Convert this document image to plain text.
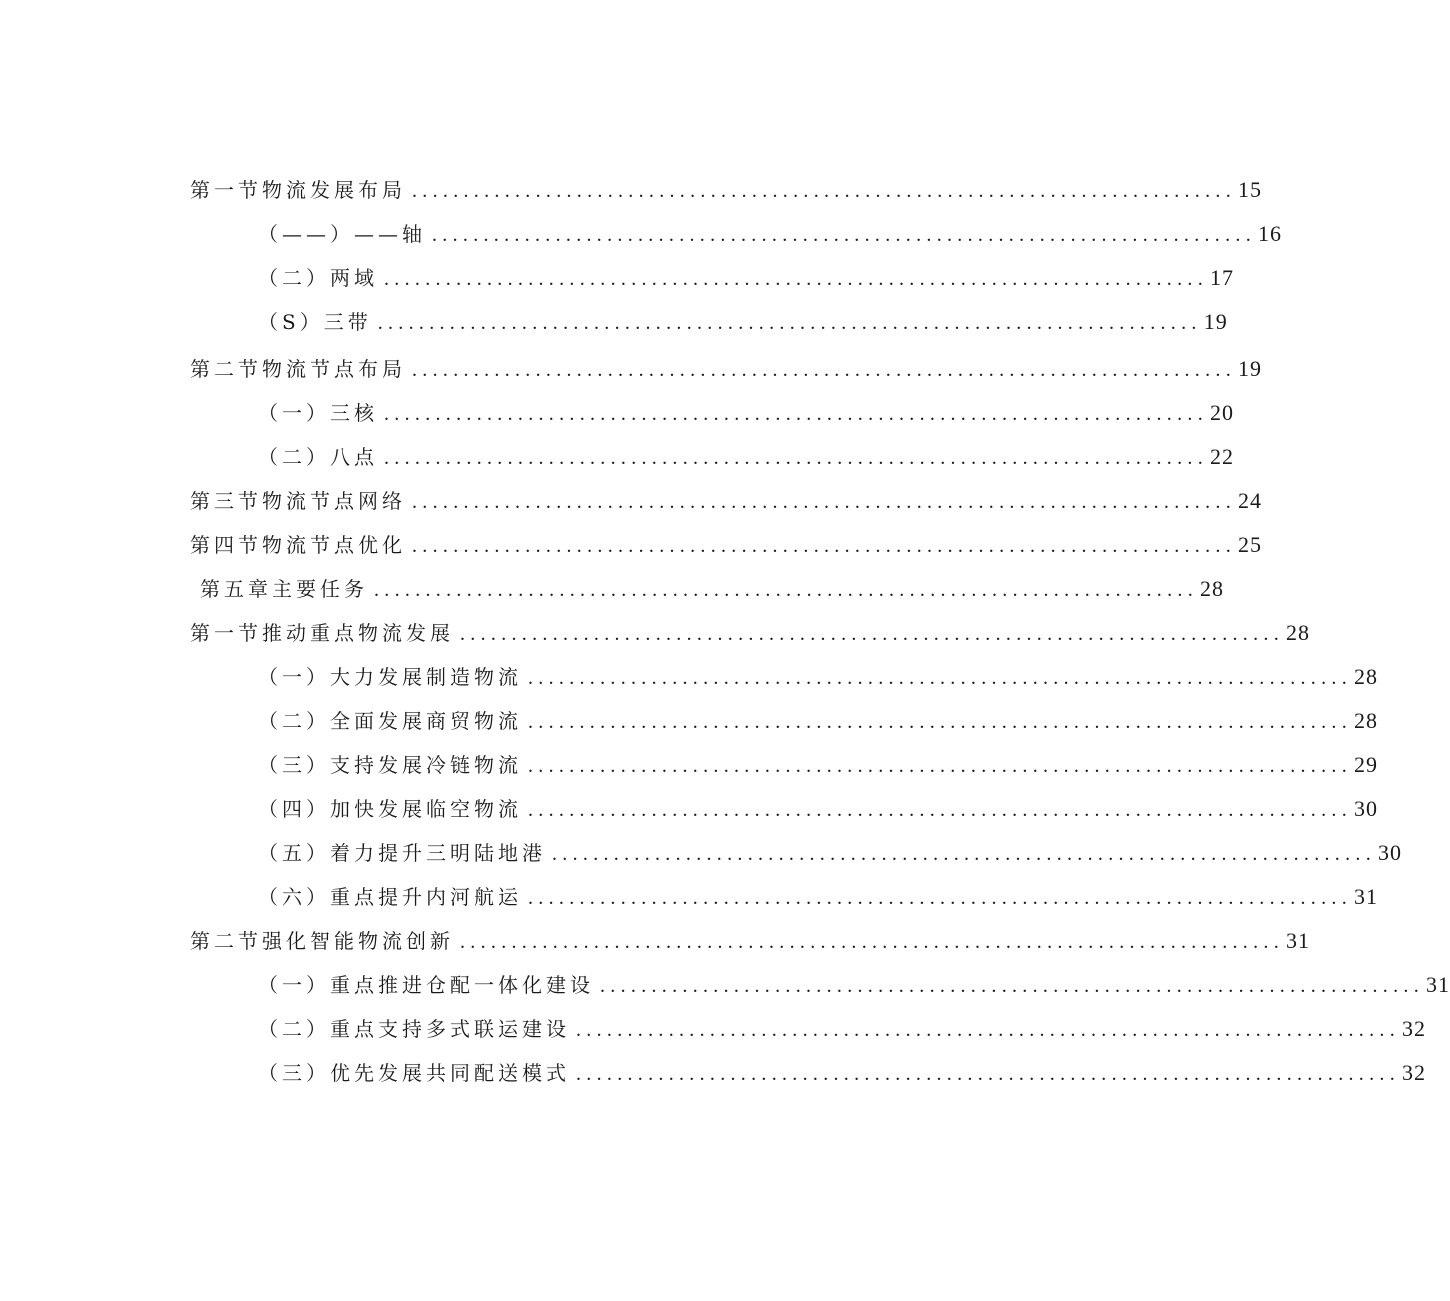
第一节物流发展布局 ................................................................................ 15
（——）——轴 ................................................................................ 16
（二）两域 ................................................................................ 17
（S）三带 ................................................................................ 19
第二节物流节点布局 ................................................................................ 19
（一）三核 ................................................................................ 20
（二）八点 ................................................................................ 22
第三节物流节点网络 ................................................................................ 24
第四节物流节点优化 ................................................................................ 25
第五章主要任务 ................................................................................ 28
第一节推动重点物流发展 ................................................................................ 28
（一）大力发展制造物流 ................................................................................ 28
（二）全面发展商贸物流 ................................................................................ 28
（三）支持发展冷链物流 ................................................................................ 29
（四）加快发展临空物流 ................................................................................ 30
（五）着力提升三明陆地港 ................................................................................ 30
（六）重点提升内河航运 ................................................................................ 31
第二节强化智能物流创新 ................................................................................ 31
（一）重点推进仓配一体化建设 ................................................................................ 31
（二）重点支持多式联运建设 ................................................................................ 32
（三）优先发展共同配送模式 ................................................................................ 32
